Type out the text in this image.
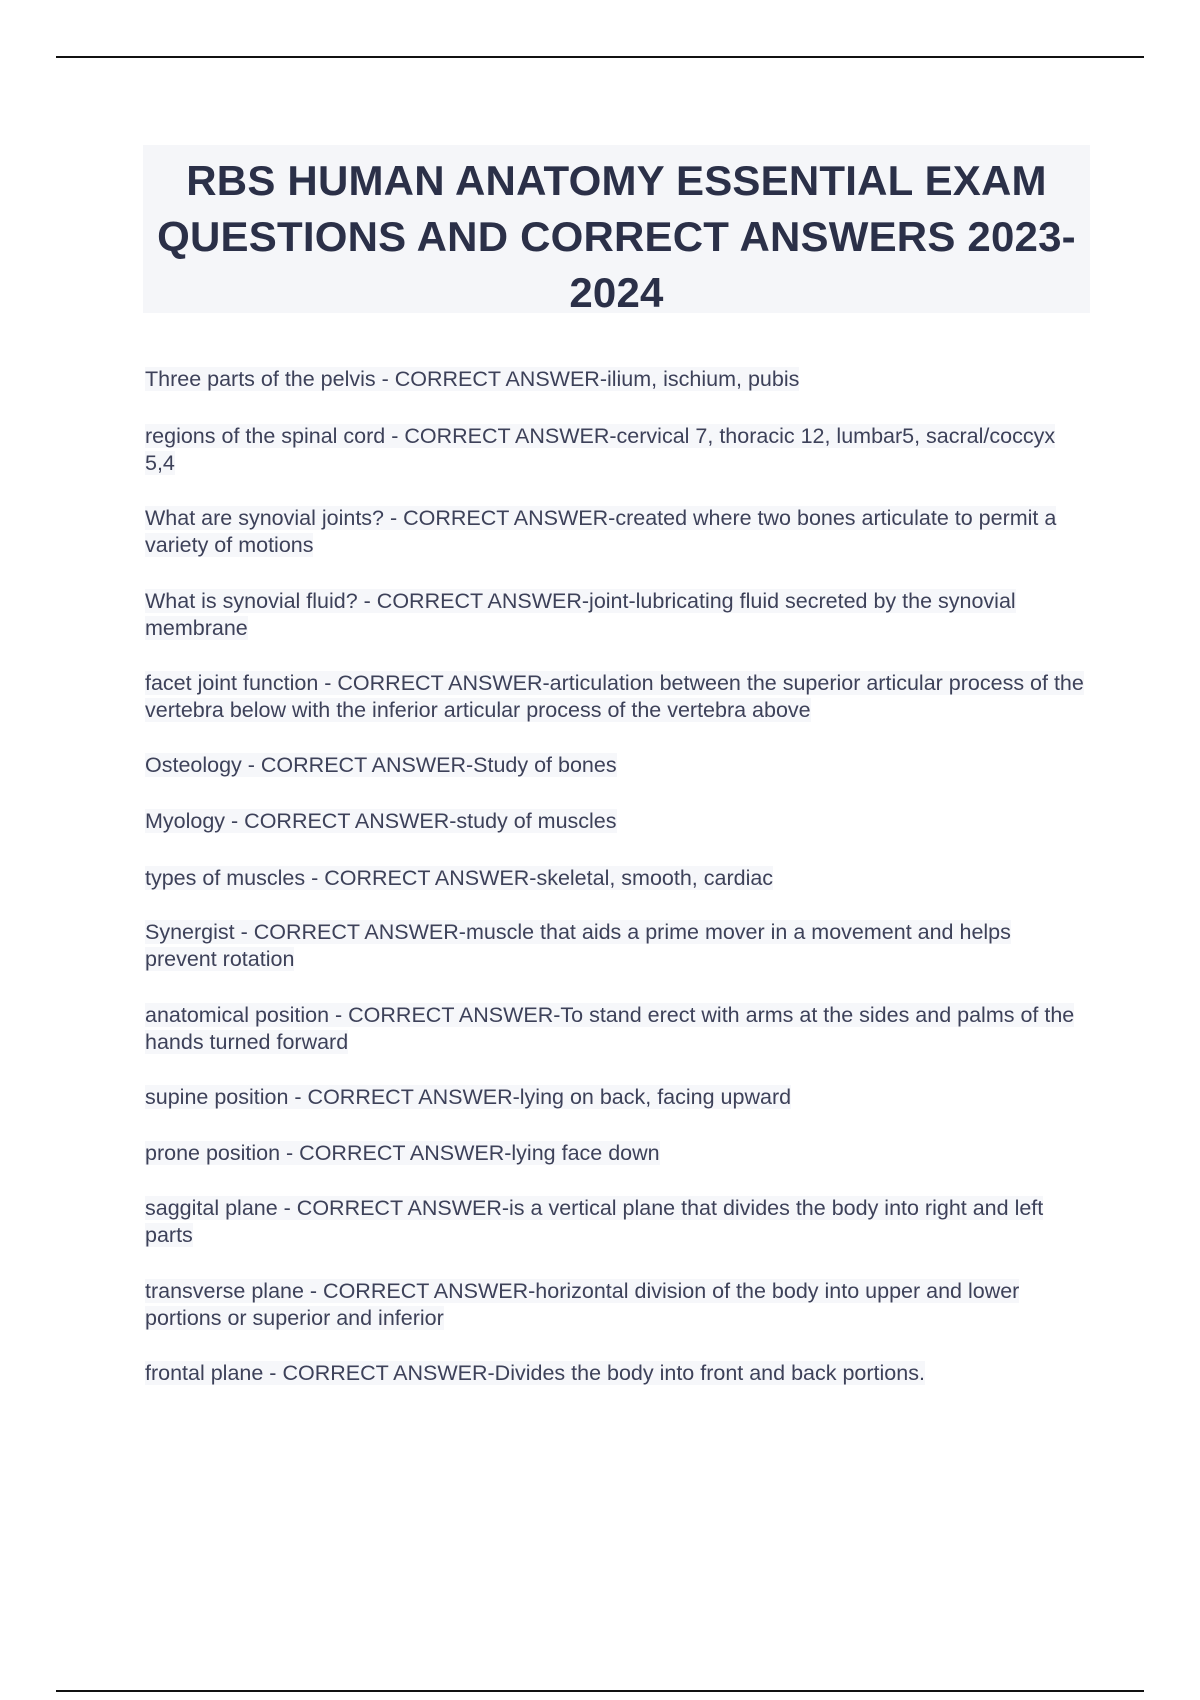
RBS HUMAN ANATOMY ESSENTIAL EXAM QUESTIONS AND CORRECT ANSWERS 2023-2024
Three parts of the pelvis - CORRECT ANSWER-ilium, ischium, pubis
regions of the spinal cord - CORRECT ANSWER-cervical 7, thoracic 12, lumbar5, sacral/coccyx 5,4
What are synovial joints? - CORRECT ANSWER-created where two bones articulate to permit a variety of motions
What is synovial fluid? - CORRECT ANSWER-joint-lubricating fluid secreted by the synovial membrane
facet joint function - CORRECT ANSWER-articulation between the superior articular process of the vertebra below with the inferior articular process of the vertebra above
Osteology - CORRECT ANSWER-Study of bones
Myology - CORRECT ANSWER-study of muscles
types of muscles - CORRECT ANSWER-skeletal, smooth, cardiac
Synergist - CORRECT ANSWER-muscle that aids a prime mover in a movement and helps prevent rotation
anatomical position - CORRECT ANSWER-To stand erect with arms at the sides and palms of the hands turned forward
supine position - CORRECT ANSWER-lying on back, facing upward
prone position - CORRECT ANSWER-lying face down
saggital plane - CORRECT ANSWER-is a vertical plane that divides the body into right and left parts
transverse plane - CORRECT ANSWER-horizontal division of the body into upper and lower portions or superior and inferior
frontal plane - CORRECT ANSWER-Divides the body into front and back portions.
